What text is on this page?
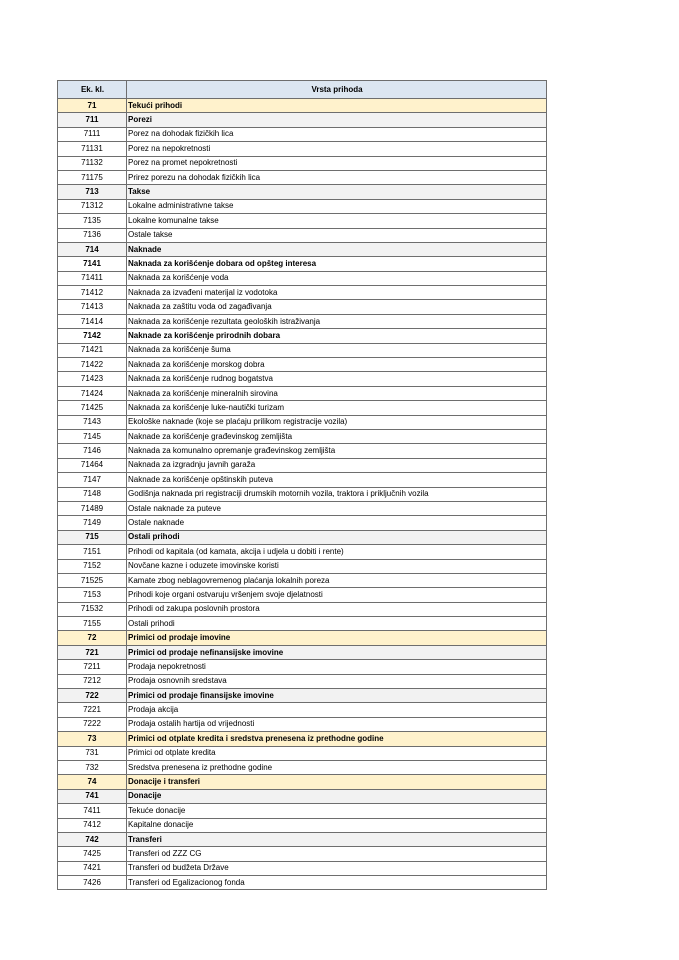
Ek. kl.	Vrsta prihoda
71	Tekući prihodi
711	Porezi
7111	Porez na dohodak fizičkih lica
71131	Porez na nepokretnosti
71132	Porez na promet nepokretnosti
71175	Prirez porezu na dohodak fizičkih lica
713	Takse
71312	Lokalne administrativne takse
7135	Lokalne komunalne takse
7136	Ostale takse
714	Naknade
7141	Naknada za korišćenje dobara od opšteg interesa
71411	Naknada za korišćenje voda
71412	Naknada za izvađeni materijal iz vodotoka
71413	Naknada za zaštitu voda od zagađivanja
71414	Naknada za korišćenje rezultata geoloških istraživanja
7142	Naknade za korišćenje prirodnih dobara
71421	Naknada za korišćenje šuma
71422	Naknada za korišćenje morskog dobra
71423	Naknada za korišćenje rudnog bogatstva
71424	Naknada za korišćenje mineralnih sirovina
71425	Naknada za korišćenje luke-nautički turizam
7143	Ekološke naknade (koje se plaćaju prilikom registracije vozila)
7145	Naknade za korišćenje građevinskog zemljišta
7146	Naknada za komunalno opremanje građevinskog zemljišta
71464	Naknada za izgradnju javnih garaža
7147	Naknade za korišćenje opštinskih puteva
7148	Godišnja naknada pri registraciji drumskih motornih vozila, traktora i priključnih vozila
71489	Ostale naknade za puteve
7149	Ostale naknade
715	Ostali prihodi
7151	Prihodi od kapitala (od kamata, akcija i udjela u dobiti i rente)
7152	Novčane kazne i oduzete imovinske koristi
71525	Kamate zbog neblagovremenog plaćanja lokalnih poreza
7153	Prihodi koje organi ostvaruju vršenjem svoje djelatnosti
71532	Prihodi od zakupa poslovnih prostora
7155	Ostali prihodi
72	Primici od prodaje imovine
721	Primici od prodaje nefinansijske imovine
7211	Prodaja nepokretnosti
7212	Prodaja osnovnih sredstava
722	Primici od prodaje finansijske imovine
7221	Prodaja akcija
7222	Prodaja ostalih hartija od vrijednosti
73	Primici od otplate kredita i sredstva prenesena iz prethodne godine
731	Primici od otplate kredita
732	Sredstva prenesena iz prethodne godine
74	Donacije i transferi
741	Donacije
7411	Tekuće donacije
7412	Kapitalne donacije
742	Transferi
7425	Transferi od ZZZ CG
7421	Transferi od budžeta Države
7426	Transferi od Egalizacionog fonda
